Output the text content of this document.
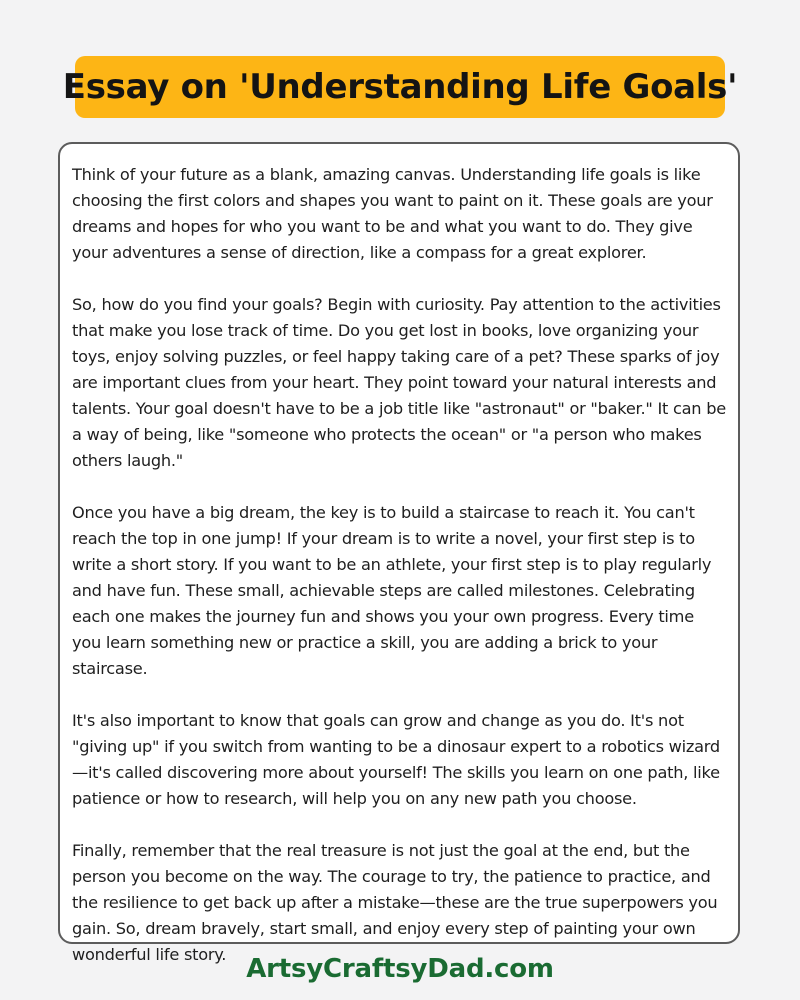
Essay on 'Understanding Life Goals'

Think of your future as a blank, amazing canvas. Understanding life goals is like choosing the first colors and shapes you want to paint on it. These goals are your dreams and hopes for who you want to be and what you want to do. They give your adventures a sense of direction, like a compass for a great explorer.

So, how do you find your goals? Begin with curiosity. Pay attention to the activities that make you lose track of time. Do you get lost in books, love organizing your toys, enjoy solving puzzles, or feel happy taking care of a pet? These sparks of joy are important clues from your heart. They point toward your natural interests and talents. Your goal doesn't have to be a job title like "astronaut" or "baker." It can be a way of being, like "someone who protects the ocean" or "a person who makes others laugh."

Once you have a big dream, the key is to build a staircase to reach it. You can't reach the top in one jump! If your dream is to write a novel, your first step is to write a short story. If you want to be an athlete, your first step is to play regularly and have fun. These small, achievable steps are called milestones. Celebrating each one makes the journey fun and shows you your own progress. Every time you learn something new or practice a skill, you are adding a brick to your staircase.

It's also important to know that goals can grow and change as you do. It's not "giving up" if you switch from wanting to be a dinosaur expert to a robotics wizard—it's called discovering more about yourself! The skills you learn on one path, like patience or how to research, will help you on any new path you choose.

Finally, remember that the real treasure is not just the goal at the end, but the person you become on the way. The courage to try, the patience to practice, and the resilience to get back up after a mistake—these are the true superpowers you gain. So, dream bravely, start small, and enjoy every step of painting your own wonderful life story. ArtsyCraftsyDad.com
